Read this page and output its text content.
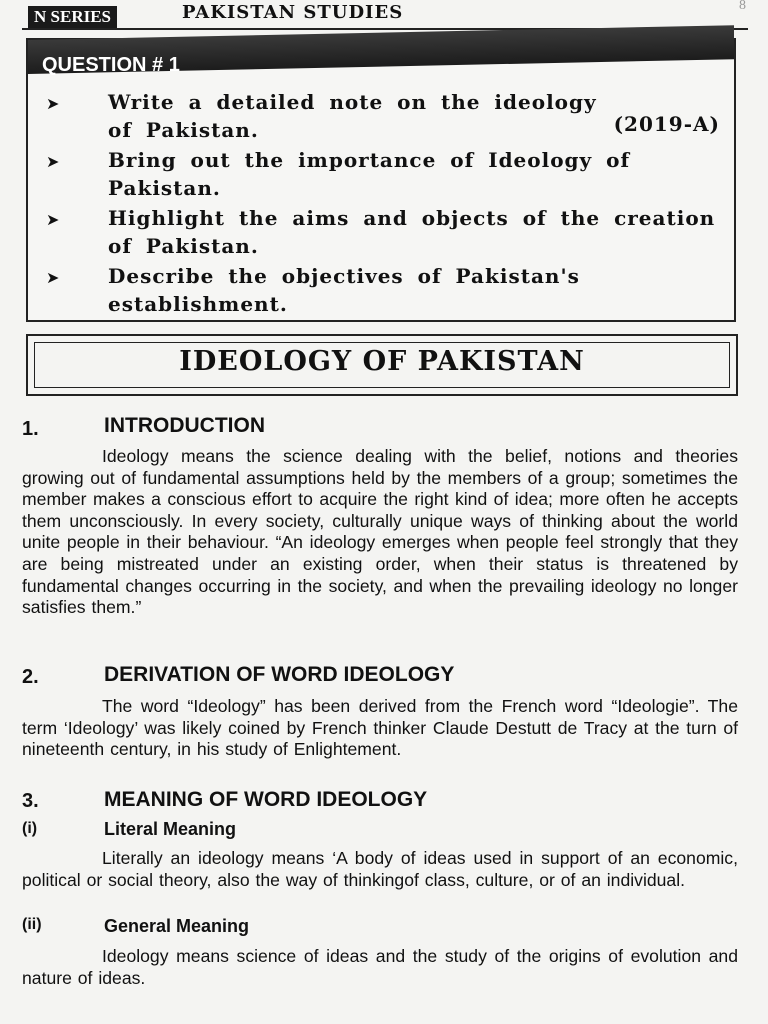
N SERIES	PAKISTAN STUDIES	8
QUESTION # 1
➤ Write a detailed note on the ideology of Pakistan.	(2019-A)
➤ Bring out the importance of Ideology of Pakistan.
➤ Highlight the aims and objects of the creation of Pakistan.
➤ Describe the objectives of Pakistan's establishment.
IDEOLOGY OF PAKISTAN
1.	INTRODUCTION
Ideology means the science dealing with the belief, notions and theories growing out of fundamental assumptions held by the members of a group; sometimes the member makes a conscious effort to acquire the right kind of idea; more often he accepts them unconsciously. In every society, culturally unique ways of thinking about the world unite people in their behaviour. “An ideology emerges when people feel strongly that they are being mistreated under an existing order, when their status is threatened by fundamental changes occurring in the society, and when the prevailing ideology no longer satisfies them.”
2.	DERIVATION OF WORD IDEOLOGY
The word “Ideology” has been derived from the French word “Ideologie”. The term ‘Ideology’ was likely coined by French thinker Claude Destutt de Tracy at the turn of nineteenth century, in his study of Enlightement.
3.	MEANING OF WORD IDEOLOGY
(i)	Literal Meaning
Literally an ideology means ‘A body of ideas used in support of an economic, political or social theory, also the way of thinkingof class, culture, or of an individual.
(ii)	General Meaning
Ideology means science of ideas and the study of the origins of evolution and nature of ideas.
